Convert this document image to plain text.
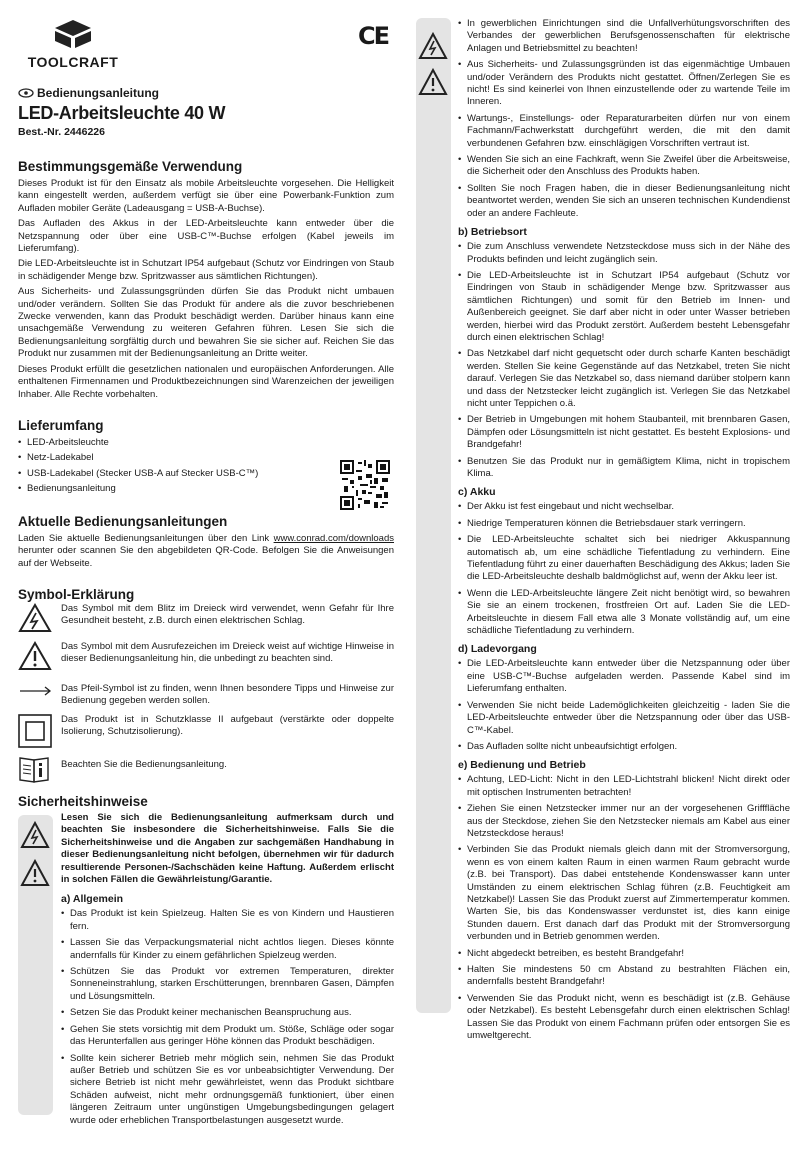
TOOLCRAFT
CE
Bedienungsanleitung
LED-Arbeitsleuchte 40 W
Best.-Nr. 2446226

Bestimmungsgemäße Verwendung

Dieses Produkt ist für den Einsatz als mobile Arbeitsleuchte vorgesehen. Die Helligkeit kann eingestellt werden, außerdem verfügt sie über eine Powerbank-Funktion zum Aufladen mobiler Geräte (Ladeausgang = USB-A-Buchse).

Das Aufladen des Akkus in der LED-Arbeitsleuchte kann entweder über die Netzspannung oder über eine USB-C™-Buchse erfolgen (Kabel jeweils im Lieferumfang).

Die LED-Arbeitsleuchte ist in Schutzart IP54 aufgebaut (Schutz vor Eindringen von Staub in schädigender Menge bzw. Spritzwasser aus sämtlichen Richtungen).

Aus Sicherheits- und Zulassungsgründen dürfen Sie das Produkt nicht umbauen und/oder verändern. Sollten Sie das Produkt für andere als die zuvor beschriebenen Zwecke verwenden, kann das Produkt beschädigt werden. Darüber hinaus kann eine unsachgemäße Verwendung zu weiteren Gefahren führen. Lesen Sie sich die Bedienungsanleitung sorgfältig durch und bewahren Sie sie sicher auf. Reichen Sie das Produkt nur zusammen mit der Bedienungsanleitung an Dritte weiter.

Dieses Produkt erfüllt die gesetzlichen nationalen und europäischen Anforderungen. Alle enthaltenen Firmennamen und Produktbezeichnungen sind Warenzeichen der jeweiligen Inhaber. Alle Rechte vorbehalten.

Lieferumfang

• LED-Arbeitsleuchte
• Netz-Ladekabel
• USB-Ladekabel (Stecker USB-A auf Stecker USB-C™)
• Bedienungsanleitung

Aktuelle Bedienungsanleitungen

Laden Sie aktuelle Bedienungsanleitungen über den Link www.conrad.com/downloads herunter oder scannen Sie den abgebildeten QR-Code. Befolgen Sie die Anweisungen auf der Webseite.

Symbol-Erklärung

Das Symbol mit dem Blitz im Dreieck wird verwendet, wenn Gefahr für Ihre Gesundheit besteht, z.B. durch einen elektrischen Schlag.

Das Symbol mit dem Ausrufezeichen im Dreieck weist auf wichtige Hinweise in dieser Bedienungsanleitung hin, die unbedingt zu beachten sind.

Das Pfeil-Symbol ist zu finden, wenn Ihnen besondere Tipps und Hinweise zur Bedienung gegeben werden sollen.

Das Produkt ist in Schutzklasse II aufgebaut (verstärkte oder doppelte Isolierung, Schutzisolierung).

Beachten Sie die Bedienungsanleitung.

Sicherheitshinweise

Lesen Sie sich die Bedienungsanleitung aufmerksam durch und beachten Sie insbesondere die Sicherheitshinweise. Falls Sie die Sicherheitshinweise und die Angaben zur sachgemäßen Handhabung in dieser Bedienungsanleitung nicht befolgen, übernehmen wir für dadurch resultierende Personen-/Sachschäden keine Haftung. Außerdem erlischt in solchen Fällen die Gewährleistung/Garantie.

a) Allgemein

• Das Produkt ist kein Spielzeug. Halten Sie es von Kindern und Haustieren fern.
• Lassen Sie das Verpackungsmaterial nicht achtlos liegen. Dieses könnte andernfalls für Kinder zu einem gefährlichen Spielzeug werden.
• Schützen Sie das Produkt vor extremen Temperaturen, direkter Sonneneinstrahlung, starken Erschütterungen, brennbaren Gasen, Dämpfen und Lösungsmitteln.
• Setzen Sie das Produkt keiner mechanischen Beanspruchung aus.
• Gehen Sie stets vorsichtig mit dem Produkt um. Stöße, Schläge oder sogar das Herunterfallen aus geringer Höhe können das Produkt beschädigen.
• Sollte kein sicherer Betrieb mehr möglich sein, nehmen Sie das Produkt außer Betrieb und schützen Sie es vor unbeabsichtigter Verwendung. Der sichere Betrieb ist nicht mehr gewährleistet, wenn das Produkt sichtbare Schäden aufweist, nicht mehr ordnungsgemäß funktioniert, über einen längeren Zeitraum unter ungünstigen Umgebungsbedingungen gelagert wurde oder erheblichen Transportbelastungen ausgesetzt wurde.
• In gewerblichen Einrichtungen sind die Unfallverhütungsvorschriften des Verbandes der gewerblichen Berufsgenossenschaften für elektrische Anlagen und Betriebsmittel zu beachten!
• Aus Sicherheits- und Zulassungsgründen ist das eigenmächtige Umbauen und/oder Verändern des Produkts nicht gestattet. Öffnen/Zerlegen Sie es nicht! Es sind keinerlei von Ihnen einzustellende oder zu wartende Teile im Inneren.
• Wartungs-, Einstellungs- oder Reparaturarbeiten dürfen nur von einem Fachmann/Fachwerkstatt durchgeführt werden, die mit den damit verbundenen Gefahren bzw. einschlägigen Vorschriften vertraut ist.
• Wenden Sie sich an eine Fachkraft, wenn Sie Zweifel über die Arbeitsweise, die Sicherheit oder den Anschluss des Produkts haben.
• Sollten Sie noch Fragen haben, die in dieser Bedienungsanleitung nicht beantwortet werden, wenden Sie sich an unseren technischen Kundendienst oder an andere Fachleute.

b) Betriebsort

• Die zum Anschluss verwendete Netzsteckdose muss sich in der Nähe des Produkts befinden und leicht zugänglich sein.
• Die LED-Arbeitsleuchte ist in Schutzart IP54 aufgebaut (Schutz vor Eindringen von Staub in schädigender Menge bzw. Spritzwasser aus sämtlichen Richtungen) und somit für den Betrieb im Innen- und Außenbereich geeignet. Sie darf aber nicht in oder unter Wasser betrieben werden, hierbei wird das Produkt zerstört. Außerdem besteht Lebensgefahr durch einen elektrischen Schlag!
• Das Netzkabel darf nicht gequetscht oder durch scharfe Kanten beschädigt werden. Stellen Sie keine Gegenstände auf das Netzkabel, treten Sie nicht darauf. Verlegen Sie das Netzkabel so, dass niemand darüber stolpern kann und dass der Netzstecker leicht zugänglich ist. Verlegen Sie das Netzkabel nicht unter Teppichen o.ä.
• Der Betrieb in Umgebungen mit hohem Staubanteil, mit brennbaren Gasen, Dämpfen oder Lösungsmitteln ist nicht gestattet. Es besteht Explosions- und Brandgefahr!
• Benutzen Sie das Produkt nur in gemäßigtem Klima, nicht in tropischem Klima.

c) Akku

• Der Akku ist fest eingebaut und nicht wechselbar.
• Niedrige Temperaturen können die Betriebsdauer stark verringern.
• Die LED-Arbeitsleuchte schaltet sich bei niedriger Akkuspannung automatisch ab, um eine schädliche Tiefentladung zu verhindern. Eine Tiefentladung führt zu einer dauerhaften Beschädigung des Akkus; laden Sie die LED-Arbeitsleuchte deshalb baldmöglichst auf, wenn der Akku leer ist.
• Wenn die LED-Arbeitsleuchte längere Zeit nicht benötigt wird, so bewahren Sie sie an einem trockenen, frostfreien Ort auf. Laden Sie die LED-Arbeitsleuchte in diesem Fall etwa alle 3 Monate vollständig auf, um eine schädliche Tiefentladung zu verhindern.

d) Ladevorgang

• Die LED-Arbeitsleuchte kann entweder über die Netzspannung oder über eine USB-C™-Buchse aufgeladen werden. Passende Kabel sind im Lieferumfang enthalten.
• Verwenden Sie nicht beide Lademöglichkeiten gleichzeitig - laden Sie die LED-Arbeitsleuchte entweder über die Netzspannung oder über das USB-C™-Kabel.
• Das Aufladen sollte nicht unbeaufsichtigt erfolgen.

e) Bedienung und Betrieb

• Achtung, LED-Licht: Nicht in den LED-Lichtstrahl blicken! Nicht direkt oder mit optischen Instrumenten betrachten!
• Ziehen Sie einen Netzstecker immer nur an der vorgesehenen Grifffläche aus der Steckdose, ziehen Sie den Netzstecker niemals am Kabel aus einer Netzsteckdose heraus!
• Verbinden Sie das Produkt niemals gleich dann mit der Stromversorgung, wenn es von einem kalten Raum in einen warmen Raum gebracht wurde (z.B. bei Transport). Das dabei entstehende Kondenswasser kann unter Umständen zu einem elektrischen Schlag führen (z.B. Feuchtigkeit am Netzkabel)! Lassen Sie das Produkt zuerst auf Zimmertemperatur kommen. Warten Sie, bis das Kondenswasser verdunstet ist, dies kann einige Stunden dauern. Erst danach darf das Produkt mit der Stromversorgung verbunden und in Betrieb genommen werden.
• Nicht abgedeckt betreiben, es besteht Brandgefahr!
• Halten Sie mindestens 50 cm Abstand zu bestrahlten Flächen ein, andernfalls besteht Brandgefahr!
• Verwenden Sie das Produkt nicht, wenn es beschädigt ist (z.B. Gehäuse oder Netzkabel). Es besteht Lebensgefahr durch einen elektrischen Schlag! Lassen Sie das Produkt von einem Fachmann prüfen oder entsorgen Sie es umweltgerecht.
